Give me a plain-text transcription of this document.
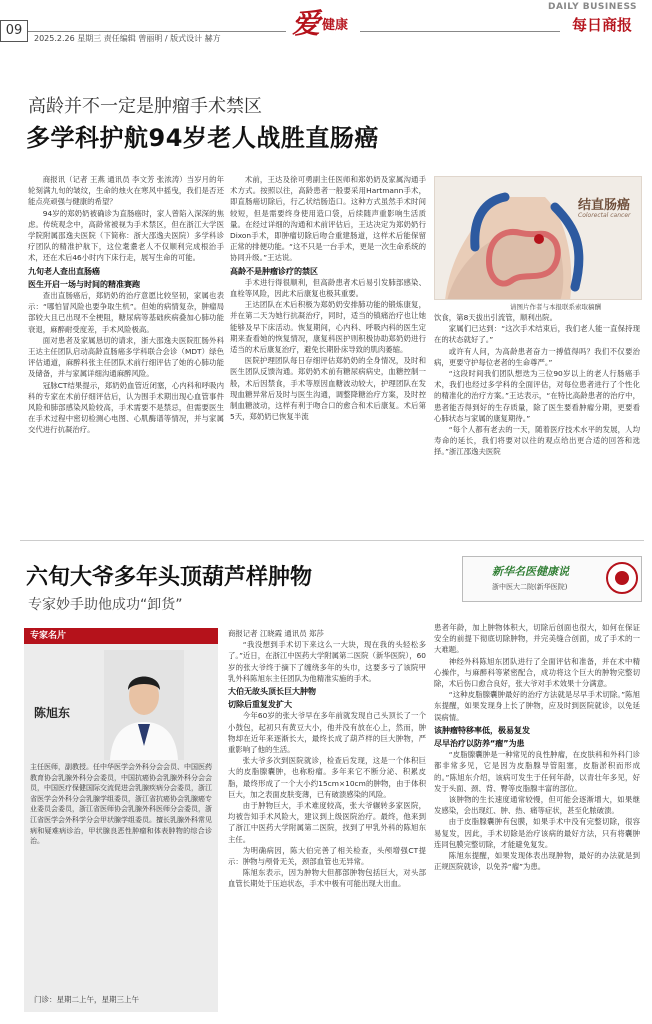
09
2025.2.26 星期三 责任编辑 曾丽明 / 版式设计 赫方	爱 健康
DAILY BUSINESS
每日商报
高龄并不一定是肿瘤手术禁区
多学科护航94岁老人战胜直肠癌

商报讯（记者 王燕 通讯员 李文芳 张浓涛）当岁月的年轮刻满九旬的皱纹，生命的烛火在寒风中摇曳，我们是否还能点亮顽强与健康的希望？

94岁的郑奶奶被确诊为直肠癌时，家人曾陷入深深的焦虑。传统观念中，高龄常被视为手术禁区，但在浙江大学医学院附属邵逸夫医院（下简称：浙大邵逸夫医院）多学科诊疗团队的精准护航下，这位耄耋老人不仅顺利完成根治手术，还在术后46小时内下床行走，展写生命的可能。

九旬老人查出直肠癌
医生开启一场与时间的精准赛跑

查出直肠癌后，郑奶奶的治疗意愿比较坚韧，家属也表示：“哪怕冒风险也要争取生机”。但她的病情复杂，肿瘤局部较大且已出现不全梗阻，糖尿病等基础疾病叠加心肺功能衰退，麻醉耐受度差，手术风险极高。

面对患者及家属恳切的请求，浙大邵逸夫医院肛肠外科王达主任团队启动高龄直肠癌多学科联合会诊（MDT）绿色评估通道，麻醉科张主任团队术前行细评估了她的心肺功能及储备，并与家属详细沟通麻醉风险。

冠脉CT结果提示，郑奶奶血管近闭塞，心内科和呼吸内科的专家在术前仔细评估后，认为围手术期出现心血管事件风险和肺部感染风险较高，手术需要不是禁忌，但需要医生在手术过程中密切检测心电图、心肌酶谱等情况，并与家属交代进行抗凝治疗。

术前，王达及徐可勇副主任医师和郑奶奶及家属沟通手术方式。按照以往，高龄患者一般要采用Hartmann手术，即直肠癌切除后，行乙状结肠造口。这种方式虽然手术时间较短，但是需要终身使用造口袋，后续随声重影响生活质量。在经过详细的沟通和术前评估后，王达决定为郑奶奶行Dixon手术，即肿瘤切除后吻合重建肠道，这样术后能保留正常的排便功能。“这不只是一台手术，更是一次生命系统的协同升级。”王达说。

高龄不是肿瘤诊疗的禁区

手术进行得很顺利，但高龄患者术后易引发肺部感染、血栓等风险，因此术后康复也极其重要。

王达团队在术后积极为郑奶奶安排肺功能的锻炼康复，并在第二天为她行抗凝治疗，同时，适当的镇痛治疗也让她能够及早下床活动。恢复期间，心内科、呼吸内科的医生定期来查看她的恢复情况，康复科医护则积极协助郑奶奶进行适当的术后康复治疗，避免长期卧床导致的肌肉萎缩。

医院护理团队每日存细评估郑奶奶的全身情况，及时和医生团队反馈沟通。郑奶奶术前有糖尿病病史，血糖控制一般，术后因禁食，手术等原因血糖波动较大，护理团队在发现血糖异常后及时与医生沟通，调整降糖治疗方案，及时控制血糖波动，这样有利于吻合口的愈合和术后康复。术后第5天，郑奶奶已恢复半流

结直肠癌
Colorectal cancer
请图片作者与本报联系索取稿酬

饮食，第8天拔出引流管，顺利出院。

家属们已达到：“这次手术结束后，我们老人能一直保持现在的状态就好了。”

或许有人问，为高龄患者奋力一搏值得吗？我们不仅要治病，更要守护每位老者的生命尊严。”

“这段时间我们团队想迭为三位90岁以上的老人行肠癌手术，我们也经过多学科的全面评估，对每位患者进行了个性化的精准化的治疗方案。”王达表示，“在特比高龄患者的治疗中，患者能否得到好的生存质量，除了医生要看肿瘤分期，更要看心肺状态与家属的康复期待。”

“每个人都有老去的一天，随着医疗技术水平的发展，人均寿命的延长，我们将要对以往的观点给出更合适的回答和选择。”浙江邵逸夫医院

六旬大爷多年头顶葫芦样肿物
专家妙手助他成功“卸货”
新华名医健康说
浙中医大二院(新华医院)
专家名片
陈旭东
主任医师，副教授。任中华医学会外科分会会员、中国医药教育协会乳腺外科分会委员，中国抗癌协会乳腺外科分会会员，中国医疗保健国际交流促进会乳腺疾病分会委员，浙江省医学会外科分会乳腺学组委员，浙江省抗癌协会乳腺癌专业委员会委员，浙江省医师协会乳腺外科医师分会委员，浙江省医学会外科学分会甲状腺学组委员。擅长乳腺外科常见病和疑难病诊治，甲状腺良恶性肿瘤和体表肿物的综合诊治。
门诊：星期二上午，星期三上午

商报记者 江晓霞 通讯员 郑莎

“我没想到手术切下来这么一大块，现在我的头轻松多了。”近日，在浙江中医药大学附属第二医院（新华医院），60岁的张大爷终于摘下了缠绕多年的头巾，这要多亏了该院甲乳外科陈旭东主任团队为他精准实施的手术。

大伯无故头顶长巨大肿物
切除后重复发扩大

今年60岁的张大爷早在多年前就发现自己头顶长了一个小鼓包，起初只有黄豆大小，他并没有放在心上，然而，肿物却在近年来逐渐长大，最终长成了葫芦样的巨大肿物，严重影响了他的生活。

张大爷多次到医院就诊，检查后发现，这是一个体积巨大的皮脂腺囊肿，也称粉瘤。多年来它不断分泌、积累皮脂，最终形成了一个大小约15cm×10cm的肿物，由于体积巨大，加之表面皮肤变薄，已有破溃感染的风险。

由于肿物巨大，手术难度较高，张大爷辗转多家医院，均被告知手术风险大，建议到上级医院治疗。最终，他来到了浙江中医药大学附属第二医院，找到了甲乳外科的陈旭东主任。

为明确病因，陈大伯完善了相关检查，头颅增强CT提示：肿物与颅骨无关，颈部血管也无异常。

陈旭东表示，因为肿物大但都部肿物包括巨大，对头部血管长期处于压迫状态，手术中极有可能出现大出血。

患者年龄，加上肿物体积大，切除后创面也很大，如何在保证安全的前提下彻底切除肿物，并完美缝合创面，成了手术的一大难题。

神经外科陈旭东团队进行了全面评估和准备，并在术中精心操作，与麻醉科等紧密配合，成功将这个巨大的肿物完整切除，术后伤口愈合良好，张大爷对手术效果十分满意。

“这种皮脂腺囊肿最好的治疗方法就是尽早手术切除。”陈旭东提醒，如果发现身上长了肿物，应及时到医院就诊，以免延误病情。

该肿瘤特移率低，极易复发
尽早治疗以防养“瘤”为患

“皮脂腺囊肿是一种常见的良性肿瘤，在皮肤科和外科门诊都非常多见，它是因为皮脂腺导管阻塞，皮脂淤积而形成的。”陈旭东介绍，该病可发生于任何年龄，以青壮年多见，好发于头面、颈、背、臀等皮脂腺丰富的部位。

该肿物的生长速度通常较慢，但可能会逐渐增大，如果继发感染，会出现红、肿、热、痛等症状，甚至化脓破溃。

由于皮脂腺囊肿有包膜，如果手术中没有完整切除，很容易复发，因此，手术切除是治疗该病的最好方法，只有将囊肿连同包膜完整切除，才能避免复发。

陈旭东提醒，如果发现体表出现肿物，最好的办法就是到正规医院就诊，以免养“瘤”为患。
